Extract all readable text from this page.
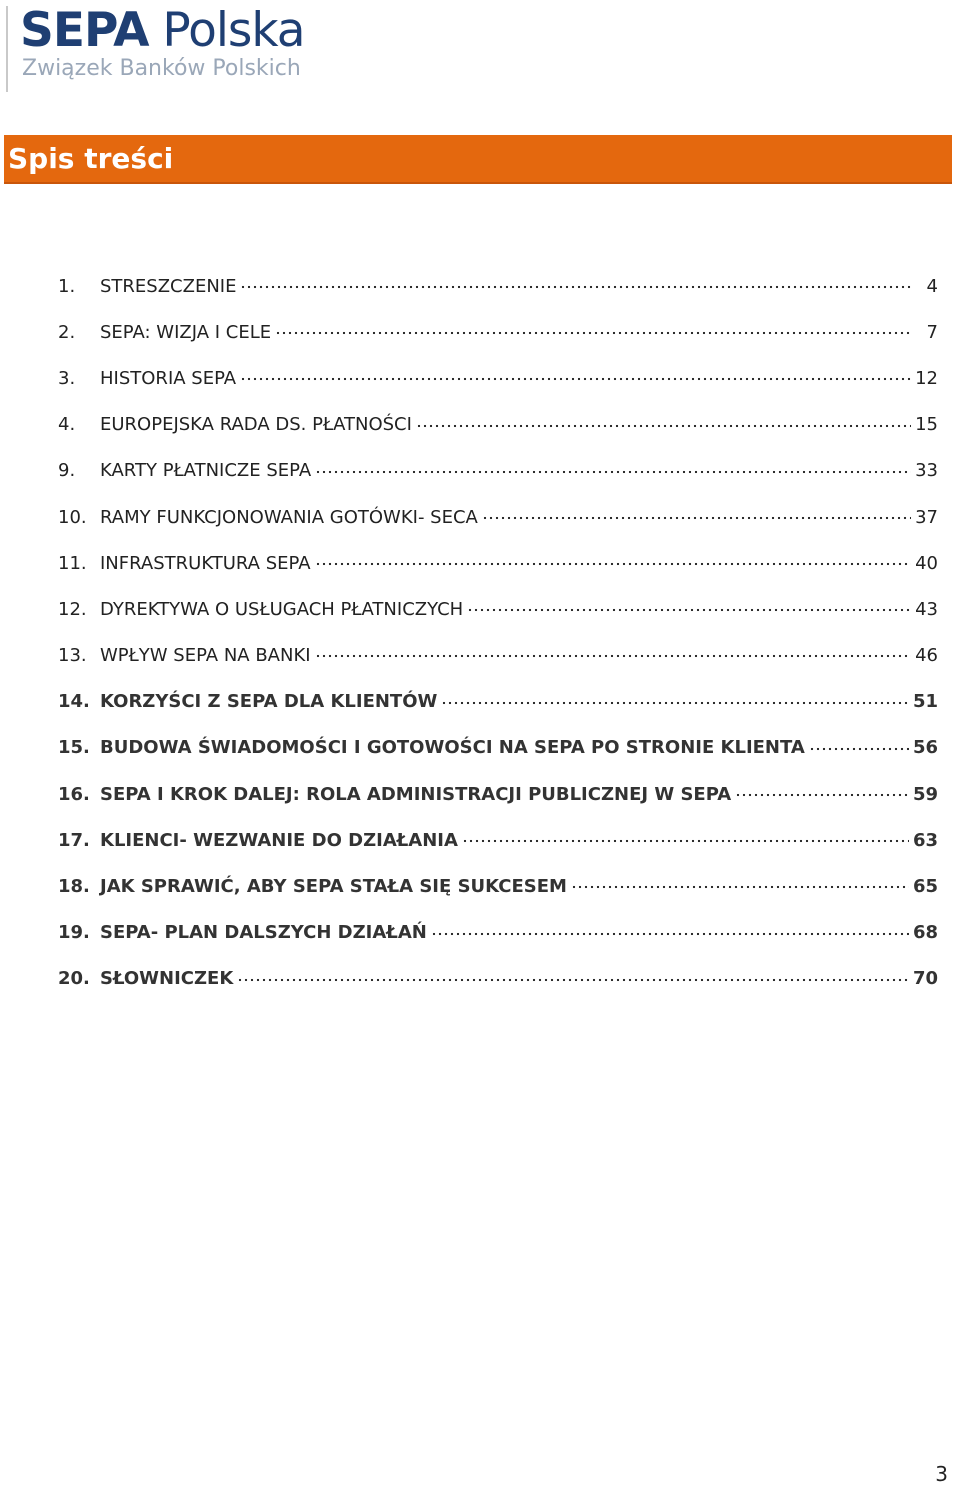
SEPA Polska
Związek Banków Polskich
Spis treści
1.	STRESZCZENIE	4
2.	SEPA: WIZJA I CELE	7
3.	HISTORIA SEPA	12
4.	EUROPEJSKA RADA DS. PŁATNOŚCI	15
9.	KARTY PŁATNICZE SEPA	33
10. RAMY FUNKCJONOWANIA GOTÓWKI- SECA	37
11. INFRASTRUKTURA SEPA	40
12. DYREKTYWA O USŁUGACH PŁATNICZYCH	43
13. WPŁYW SEPA NA BANKI	46
14. KORZYŚCI Z SEPA DLA KLIENTÓW	51
15. BUDOWA ŚWIADOMOŚCI I GOTOWOŚCI NA SEPA PO STRONIE KLIENTA	56
16. SEPA I KROK DALEJ: ROLA ADMINISTRACJI PUBLICZNEJ W SEPA	59
17. KLIENCI- WEZWANIE DO DZIAŁANIA	63
18. JAK SPRAWIĆ, ABY SEPA STAŁA SIĘ SUKCESEM	65
19. SEPA- PLAN DALSZYCH DZIAŁAŃ	68
20. SŁOWNICZEK	70
3
